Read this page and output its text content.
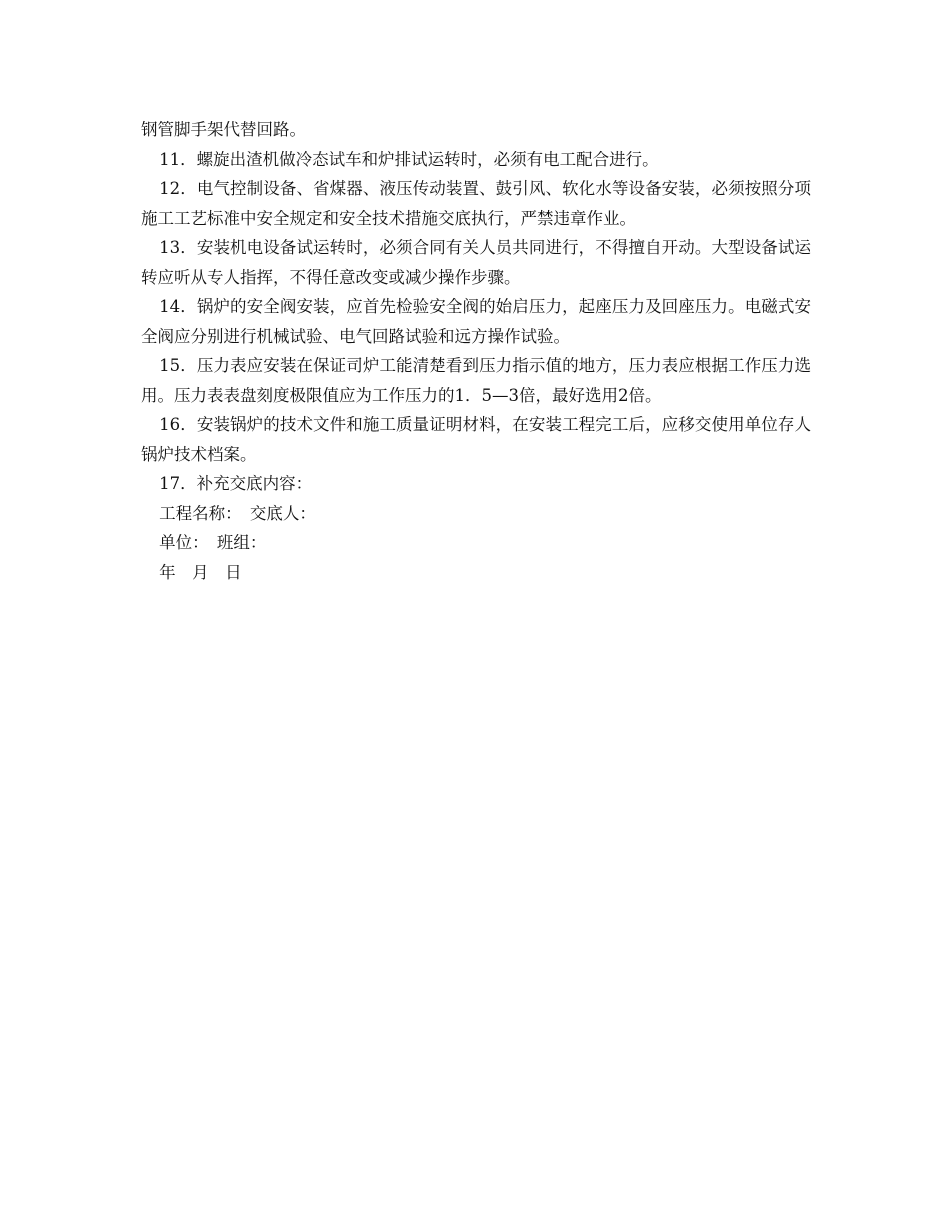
钢管脚手架代替回路。

11．螺旋出渣机做冷态试车和炉排试运转时，必须有电工配合进行。

12．电气控制设备、省煤器、液压传动装置、鼓引风、软化水等设备安装，必须按照分项施工工艺标准中安全规定和安全技术措施交底执行，严禁违章作业。

13．安装机电设备试运转时，必须合同有关人员共同进行，不得擅自开动。大型设备试运转应听从专人指挥，不得任意改变或减少操作步骤。

14．锅炉的安全阀安装，应首先检验安全阀的始启压力，起座压力及回座压力。电磁式安全阀应分别进行机械试验、电气回路试验和远方操作试验。

15．压力表应安装在保证司炉工能清楚看到压力指示值的地方，压力表应根据工作压力选用。压力表表盘刻度极限值应为工作压力的1．5—3倍，最好选用2倍。

16．安装锅炉的技术文件和施工质量证明材料，在安装工程完工后，应移交使用单位存人锅炉技术档案。

17．补充交底内容：

工程名称：　交底人：

单位：　班组：

年　月　日
